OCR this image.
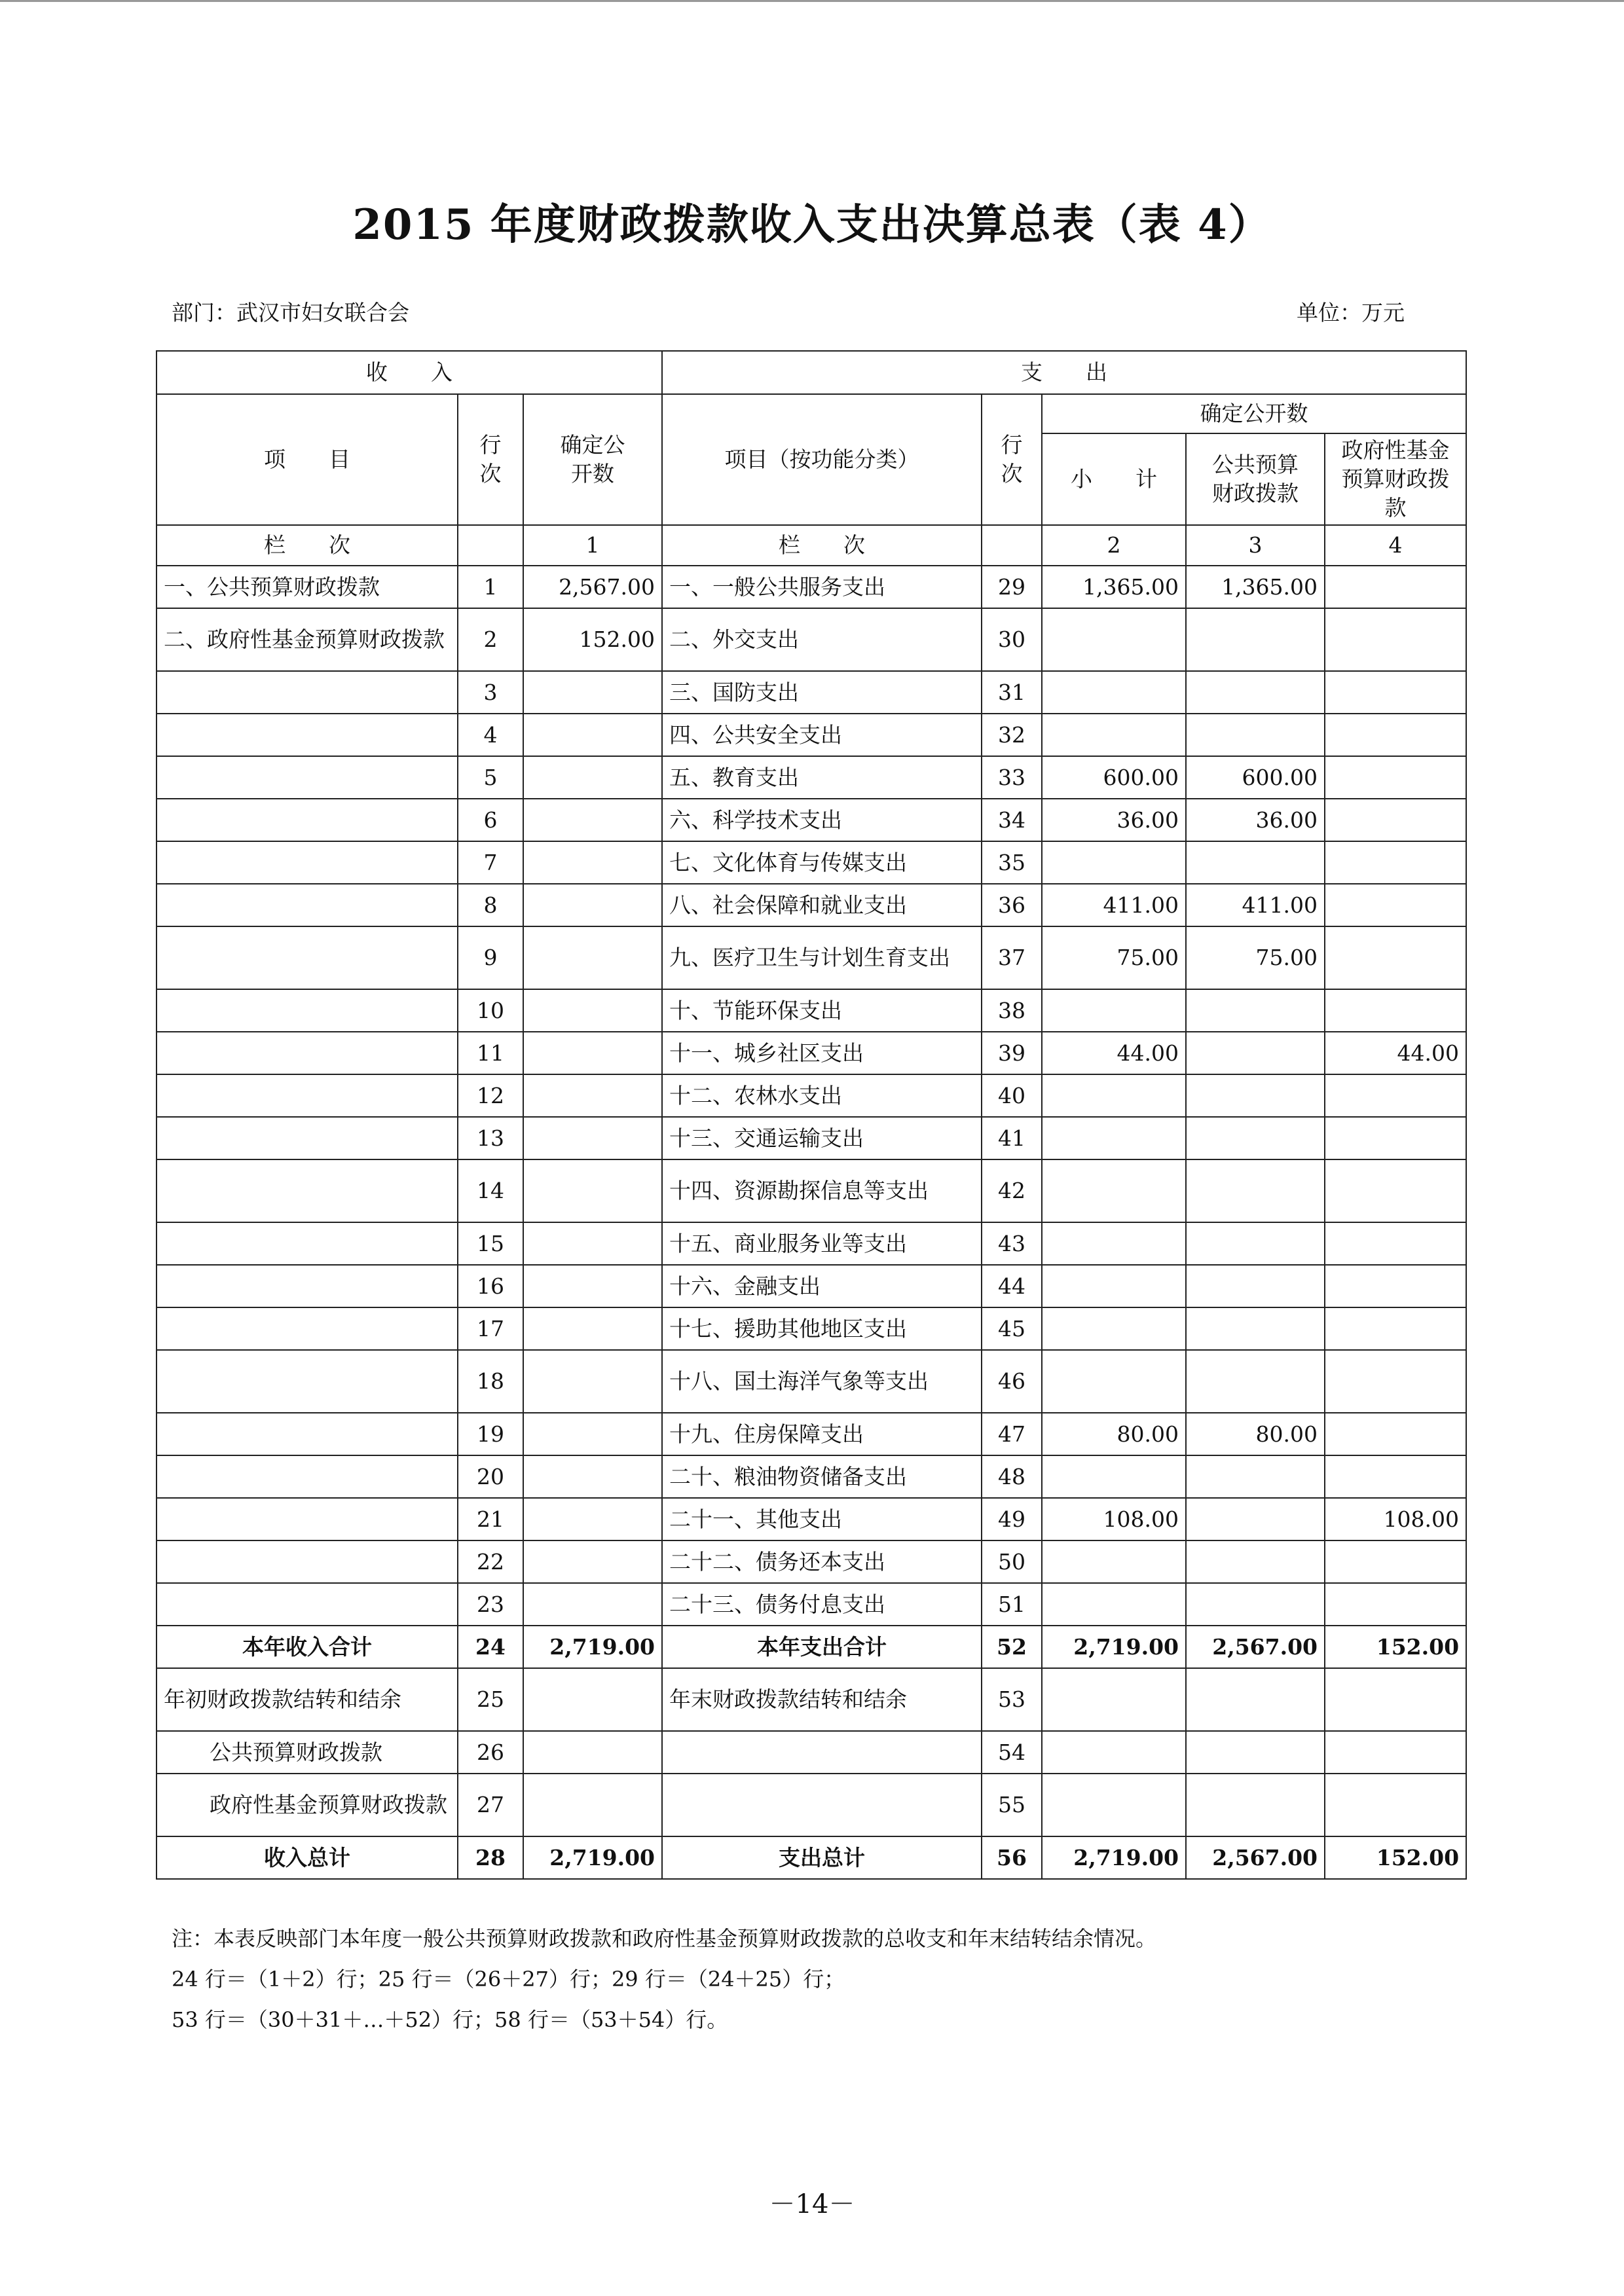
2015 年度财政拨款收入支出决算总表（表 4）
部门：武汉市妇女联合会	单位：万元
收　　入			支　　出				
项　　目	行次	确定公开数	项目（按功能分类）	行次	确定公开数		
					小　　计	公共预算财政拨款	政府性基金预算财政拨款
栏　　次		1	栏　　次		2	3	4
一、公共预算财政拨款	1	2,567.00	一、一般公共服务支出	29	1,365.00	1,365.00	
二、政府性基金预算财政拨款	2	152.00	二、外交支出	30			
	3		三、国防支出	31			
	4		四、公共安全支出	32			
	5		五、教育支出	33	600.00	600.00	
	6		六、科学技术支出	34	36.00	36.00	
	7		七、文化体育与传媒支出	35			
	8		八、社会保障和就业支出	36	411.00	411.00	
	9		九、医疗卫生与计划生育支出	37	75.00	75.00	
	10		十、节能环保支出	38			
	11		十一、城乡社区支出	39	44.00		44.00
	12		十二、农林水支出	40			
	13		十三、交通运输支出	41			
	14		十四、资源勘探信息等支出	42			
	15		十五、商业服务业等支出	43			
	16		十六、金融支出	44			
	17		十七、援助其他地区支出	45			
	18		十八、国土海洋气象等支出	46			
	19		十九、住房保障支出	47	80.00	80.00	
	20		二十、粮油物资储备支出	48			
	21		二十一、其他支出	49	108.00		108.00
	22		二十二、债务还本支出	50			
	23		二十三、债务付息支出	51			
本年收入合计	24	2,719.00	本年支出合计	52	2,719.00	2,567.00	152.00
年初财政拨款结转和结余	25		年末财政拨款结转和结余	53			
公共预算财政拨款	26			54			
政府性基金预算财政拨款	27			55			
收入总计	28	2,719.00	支出总计	56	2,719.00	2,567.00	152.00
注：本表反映部门本年度一般公共预算财政拨款和政府性基金预算财政拨款的总收支和年末结转结余情况。
24 行＝（1＋2）行；25 行＝（26＋27）行；29 行＝（24＋25）行；
53 行＝（30＋31＋…＋52）行；58 行＝（53＋54）行。
－14－
